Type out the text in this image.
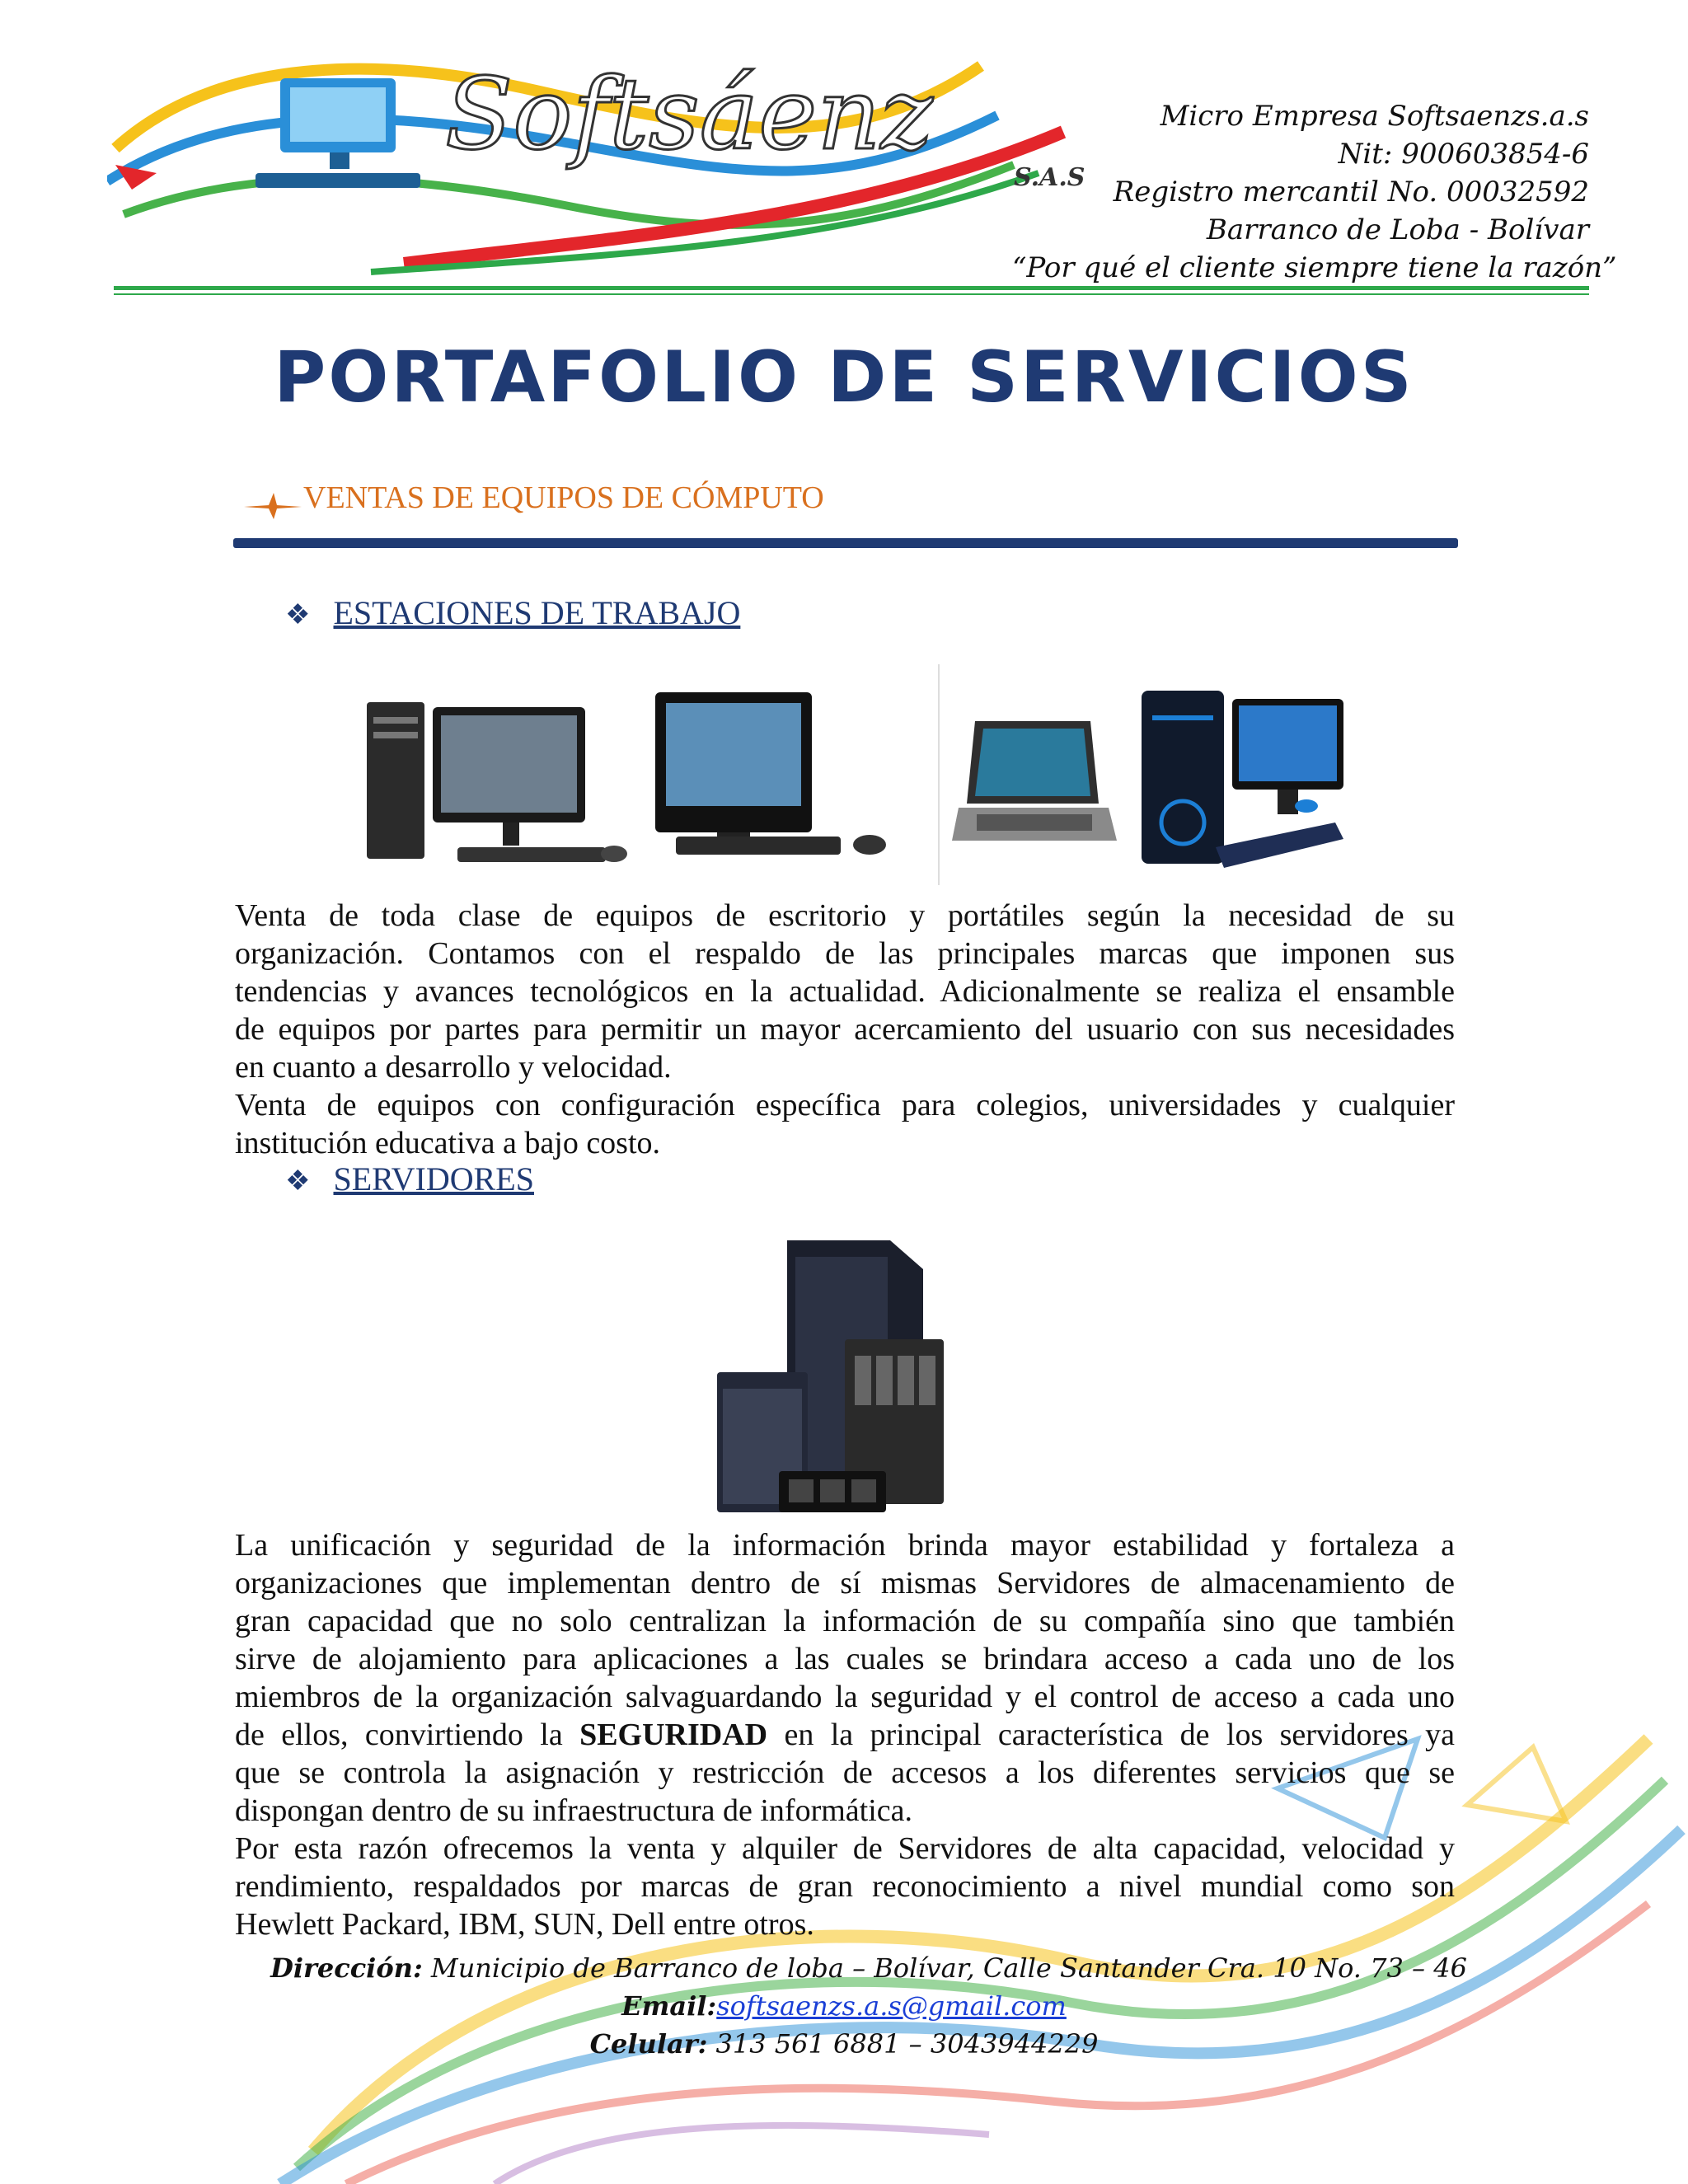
Softsáenz
S.A.S
Micro Empresa Softsaenzs.a.s
Nit: 900603854-6
Registro mercantil No. 00032592
Barranco de Loba - Bolívar
“Por qué el cliente siempre tiene la razón”
PORTAFOLIO DE SERVICIOS
VENTAS DE EQUIPOS DE CÓMPUTO
❖ ESTACIONES DE TRABAJO

Venta de toda clase de equipos de escritorio y portátiles según la necesidad de su

organización. Contamos con el respaldo de las principales marcas que imponen sus

tendencias y avances tecnológicos en la actualidad. Adicionalmente se realiza el ensamble

de equipos por partes para permitir un mayor acercamiento del usuario con sus necesidades

en cuanto a desarrollo y velocidad.

Venta de equipos con configuración específica para colegios, universidades y cualquier

institución educativa a bajo costo.

❖ SERVIDORES

La unificación y seguridad de la información brinda mayor estabilidad y fortaleza a

organizaciones que implementan dentro de sí mismas Servidores de almacenamiento de

gran capacidad que no solo centralizan la información de su compañía sino que también

sirve de alojamiento para aplicaciones a las cuales se brindara acceso a cada uno de los

miembros de la organización salvaguardando la seguridad y el control de acceso a cada uno

de ellos, convirtiendo la SEGURIDAD en la principal característica de los servidores ya

que se controla la asignación y restricción de accesos a los diferentes servicios que se

dispongan dentro de su infraestructura de informática.

Por esta razón ofrecemos la venta y alquiler de Servidores de alta capacidad, velocidad y

rendimiento, respaldados por marcas de gran reconocimiento a nivel mundial como son

Hewlett Packard, IBM, SUN, Dell entre otros.

Dirección: Municipio de Barranco de loba – Bolívar, Calle Santander Cra. 10 No. 73 – 46
Email:softsaenzs.a.s@gmail.com
Celular: 313 561 6881 – 3043944229
